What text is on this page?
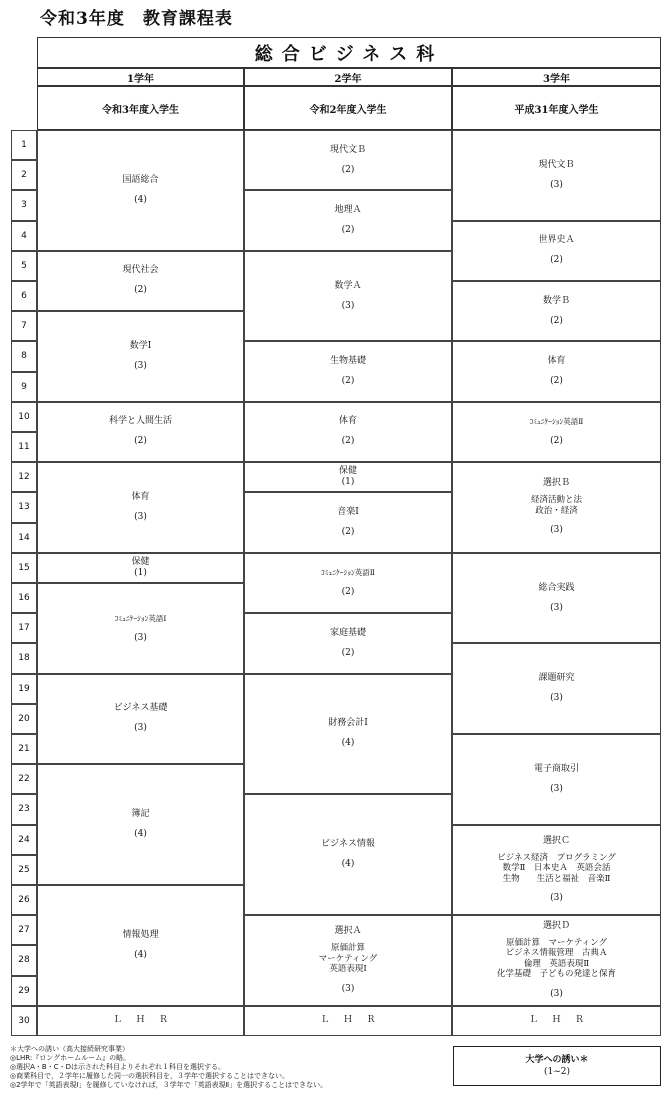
令和3年度　教育課程表
総合ビジネス科
1学年
令和3年度入学生
2学年
令和2年度入学生
3学年
平成31年度入学生
1
2
3
4
5
6
7
8
9
10
11
12
13
14
15
16
17
18
19
20
21
22
23
24
25
26
27
28
29
30
国語総合
(4)
現代社会
(2)
数学Ⅰ
(3)
科学と人間生活
(2)
体育
(3)
保健
(1)
ｺﾐｭﾆｹｰｼｮﾝ英語Ⅰ
(3)
ビジネス基礎
(3)
簿記
(4)
情報処理
(4)
ＬＨＲ
現代文Ｂ
(2)
地理Ａ
(2)
数学Ａ
(3)
生物基礎
(2)
体育
(2)
保健
(1)
音楽Ⅰ
(2)
ｺﾐｭﾆｹｰｼｮﾝ英語Ⅱ
(2)
家庭基礎
(2)
財務会計Ⅰ
(4)
ビジネス情報
(4)
選択Ａ
原価計算
マーケティング
英語表現Ⅰ
(3)
ＬＨＲ
現代文Ｂ
(3)
世界史Ａ
(2)
数学Ｂ
(2)
体育
(2)
ｺﾐｭﾆｹｰｼｮﾝ英語Ⅱ
(2)
選択Ｂ
経済活動と法
政治・経済
(3)
総合実践
(3)
課題研究
(3)
電子商取引
(3)
選択Ｃ
ビジネス経済　プログラミング
数学Ⅱ　日本史Ａ　英語会話
生物　　生活と福祉　音楽Ⅱ
(3)
選択Ｄ
原価計算　マーケティング
ビジネス情報管理　古典Ａ
倫理　英語表現Ⅱ
化学基礎　子どもの発達と保育
(3)
ＬＨＲ
＊大学への誘い（高大接続研究事業）
◎LHR:『ロングホームルーム』の略。
◎選択A・B・C・Dは示された科目よりそれぞれ１科目を選択する。
◎商業科目で，２学年に履修した同一の選択科目を，３学年で選択することはできない。
◎2学年で「英語表現Ⅰ」を履修していなければ，３学年で「英語表現Ⅱ」を選択することはできない。
大学への誘い＊
(1~2)
